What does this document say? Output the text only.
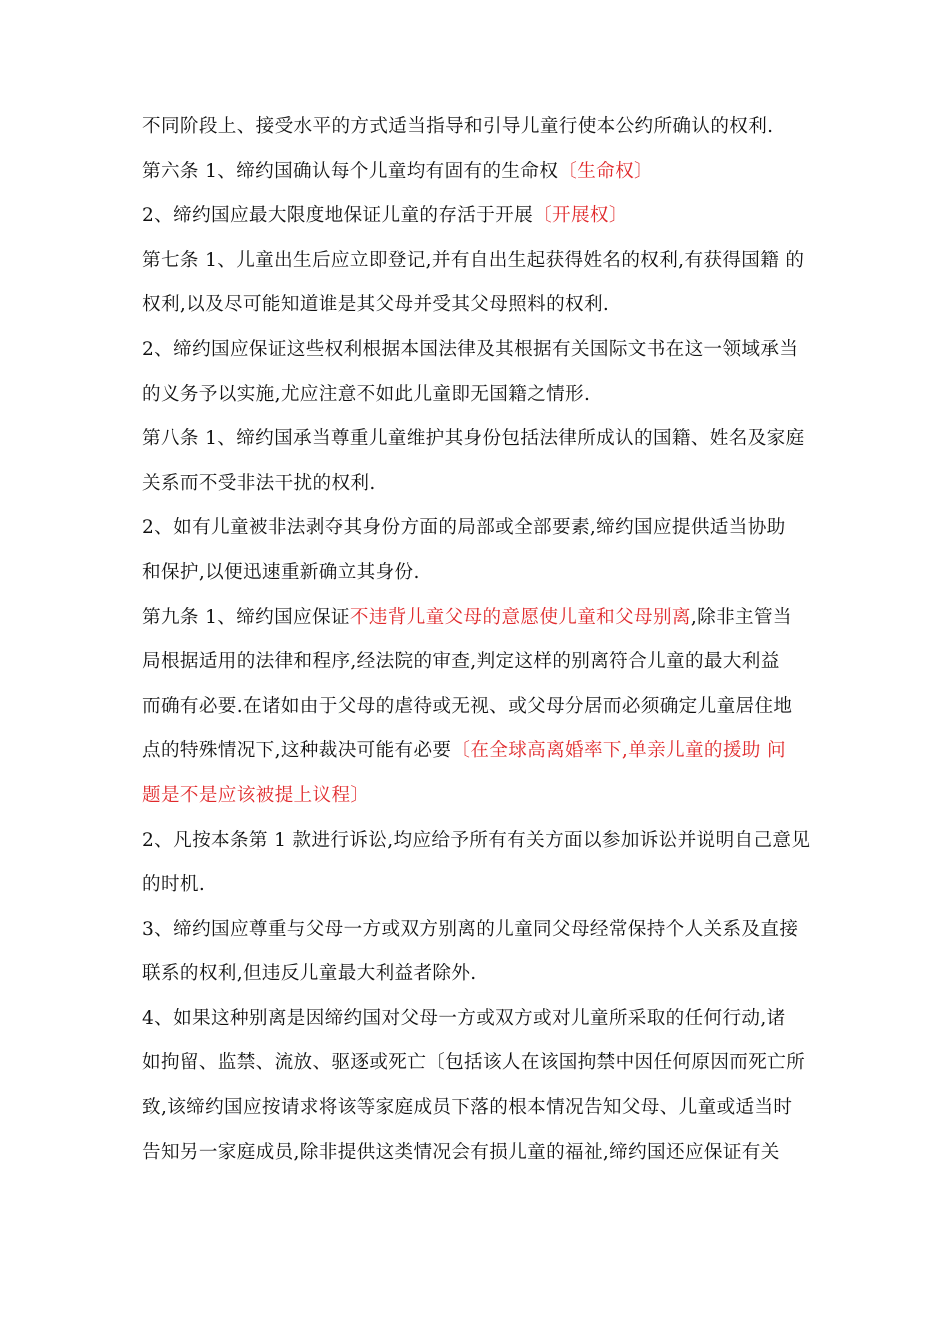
不同阶段上、接受水平的方式适当指导和引导儿童行使本公约所确认的权利.
第六条 1、缔约国确认每个儿童均有固有的生命权〔生命权〕
2、缔约国应最大限度地保证儿童的存活于开展〔开展权〕
第七条 1、儿童出生后应立即登记,并有自出生起获得姓名的权利,有获得国籍 的
权利,以及尽可能知道谁是其父母并受其父母照料的权利.
2、缔约国应保证这些权利根据本国法律及其根据有关国际文书在这一领域承当
的义务予以实施,尤应注意不如此儿童即无国籍之情形.
第八条 1、缔约国承当尊重儿童维护其身份包括法律所成认的国籍、姓名及家庭
关系而不受非法干扰的权利.
2、如有儿童被非法剥夺其身份方面的局部或全部要素,缔约国应提供适当协助
和保护,以便迅速重新确立其身份.
第九条 1、缔约国应保证不违背儿童父母的意愿使儿童和父母别离,除非主管当
局根据适用的法律和程序,经法院的审查,判定这样的别离符合儿童的最大利益
而确有必要.在诸如由于父母的虐待或无视、或父母分居而必须确定儿童居住地
点的特殊情况下,这种裁决可能有必要〔在全球高离婚率下,单亲儿童的援助 问
题是不是应该被提上议程〕
2、凡按本条第 1 款进行诉讼,均应给予所有有关方面以参加诉讼并说明自己意见
的时机.
3、缔约国应尊重与父母一方或双方别离的儿童同父母经常保持个人关系及直接
联系的权利,但违反儿童最大利益者除外.
4、如果这种别离是因缔约国对父母一方或双方或对儿童所采取的任何行动,诸
如拘留、监禁、流放、驱逐或死亡〔包括该人在该国拘禁中因任何原因而死亡所
致,该缔约国应按请求将该等家庭成员下落的根本情况告知父母、儿童或适当时
告知另一家庭成员,除非提供这类情况会有损儿童的福祉,缔约国还应保证有关
